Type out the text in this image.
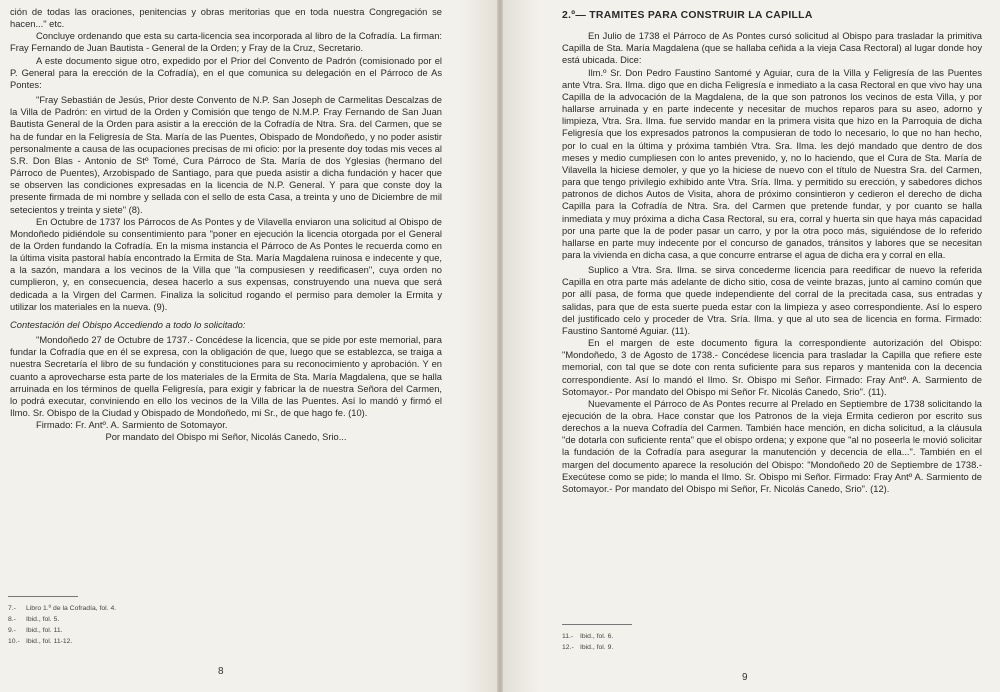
ción de todas las oraciones, penitencias y obras meritorias que en toda nuestra Congregación se hacen..." etc.

Concluye ordenando que esta su carta-licencia sea incorporada al libro de la Cofradía. La firman: Fray Fernando de Juan Bautista - General de la Orden; y Fray de la Cruz, Secretario.

A este documento sigue otro, expedido por el Prior del Convento de Padrón (comisionado por el P. General para la erección de la Cofradía), en el que comunica su delegación en el Párroco de As Pontes:

"Fray Sebastián de Jesús, Prior deste Convento de N.P. San Joseph de Carmelitas Descalzas de la Villa de Padrón: en virtud de la Orden y Comisión que tengo de N.M.P. Fray Fernando de San Juan Bautista General de la Orden para asistir a la erección de la Cofradía de Ntra. Sra. del Carmen, que se ha de fundar en la Feligresía de Sta. María de las Puentes, Obispado de Mondoñedo, y no poder asistir personalmente a causa de las ocupaciones precisas de mi oficio: por la presente doy todas mis veces al S.R. Don Blas - Antonio de Stº Tomé, Cura Párroco de Sta. María de dos Yglesias (hermano del Párroco de Puentes), Arzobispado de Santiago, para que pueda asistir a dicha fundación y hacer que se observen las condiciones expresadas en la licencia de N.P. General. Y para que conste doy la presente firmada de mi nombre y sellada con el sello de esta Casa, a treinta y uno de Diciembre de mil setecientos y treinta y siete" (8).

En Octubre de 1737 los Párrocos de As Pontes y de Vilavella enviaron una solicitud al Obispo de Mondoñedo pidiéndole su consentimiento para "poner en ejecución la licencia otorgada por el General de la Orden fundando la Cofradía. En la misma instancia el Párroco de As Pontes le recuerda como en la última visita pastoral había encontrado la Ermita de Sta. María Magdalena ruinosa e indecente y que, a la sazón, mandara a los vecinos de la Villa que "la compusiesen y reedificasen", cuya orden no cumplieron, y, en consecuencia, desea hacerlo a sus expensas, construyendo una nueva que será dedicada a la Virgen del Carmen. Finaliza la solicitud rogando el permiso para demoler la Ermita y utilizar los materiales en la nueva. (9).

Contestación del Obispo Accediendo a todo lo solicitado:

"Mondoñedo 27 de Octubre de 1737.- Concédese la licencia, que se pide por este memorial, para fundar la Cofradía que en él se expresa, con la obligación de que, luego que se establezca, se traiga a nuestra Secretaría el libro de su fundación y constituciones para su reconocimiento y aprobación. Y en cuanto a aprovecharse esta parte de los materiales de la Ermita de Sta. María Magdalena, que se halla arruinada en los términos de quella Feligresía, para exigir y fabricar la de nuestra Señora del Carmen, lo podrá executar, conviniendo en ello los vecinos de la Villa de las Puentes. Así lo mandó y firmó el Ilmo. Sr. Obispo de la Ciudad y Obispado de Mondoñedo, mi Sr., de que hago fe. (10).

Firmado: Fr. Antº. A. Sarmiento de Sotomayor.

Por mandato del Obispo mi Señor, Nicolás Canedo, Srio...

7.-	Libro 1.º de la Cofradía, fol. 4.
8.-	Ibid., fol. 5.
9.-	Ibid., fol. 11.
10.- Ibid., fol. 11-12.
8

2.º— TRAMITES PARA CONSTRUIR LA CAPILLA

En Julio de 1738 el Párroco de As Pontes cursó solicitud al Obispo para trasladar la primitiva Capilla de Sta. María Magdalena (que se hallaba ceñida a la vieja Casa Rectoral) al lugar donde hoy está ubicada. Dice:

Ilm.º Sr. Don Pedro Faustino Santomé y Aguiar, cura de la Villa y Feligresía de las Puentes ante Vtra. Sra. Ilma. digo que en dicha Feligresía e inmediato a la casa Rectoral en que vivo hay una Capilla de la advocación de la Magdalena, de la que son patronos los vecinos de esta Villa, y por hallarse arruinada y en parte indecente y necesitar de muchos reparos para su aseo, adorno y limpieza, Vtra. Sra. Ilma. fue servido mandar en la primera visita que hizo en la Parroquia de dicha Feligresía que los expresados patronos la compusieran de todo lo necesario, lo que no han hecho, por lo cual en la última y próxima también Vtra. Sra. Ilma. les dejó mandado que dentro de dos meses y medio cumpliesen con lo antes prevenido, y, no lo haciendo, que el Cura de Sta. María de Vilavella la hiciese demoler, y que yo la hiciese de nuevo con el título de Nuestra Sra. del Carmen, para que tengo privilegio exhibido ante Vtra. Sría. Ilma. y permitido su erección, y sabedores dichos patronos de dichos Autos de Visita, ahora de próximo consintieron y cedieron el derecho de dicha Capilla para la Cofradía de Ntra. Sra. del Carmen que pretende fundar, y por cuanto se halla inmediata y muy próxima a dicha Casa Rectoral, su era, corral y huerta sin que haya más capacidad por una parte que la de poder pasar un carro, y por la otra poco más, siguiéndose de lo referido hallarse en parte muy indecente por el concurso de ganados, tránsitos y labores que se necesitan para la vivienda en dicha casa, a que concurre entrarse el agua de dicha era y corral en ella.

Suplico a Vtra. Sra. Ilma. se sirva concederme licencia para reedificar de nuevo la referida Capilla en otra parte más adelante de dicho sitio, cosa de veinte brazas, junto al camino común que por allí pasa, de forma que quede independiente del corral de la precitada casa, sus entradas y salidas, para que de esta suerte pueda estar con la limpieza y aseo correspondiente. Así lo espero del justificado celo y proceder de Vtra. Sría. Ilma. y que al uto sea de licencia en forma. Firmado: Faustino Santomé Aguiar. (11).

En el margen de este documento figura la correspondiente autorización del Obispo: "Mondoñedo, 3 de Agosto de 1738.- Concédese licencia para trasladar la Capilla que refiere este memorial, con tal que se dote con renta suficiente para sus reparos y mantenida con la decencia correspondiente. Así lo mandó el Ilmo. Sr. Obispo mi Señor. Firmado: Fray Antº. A. Sarmiento de Sotomayor.- Por mandato del Obispo mi Señor Fr. Nicolás Canedo, Srio". (11).

Nuevamente el Párroco de As Pontes recurre al Prelado en Septiembre de 1738 solicitando la ejecución de la obra. Hace constar que los Patronos de la vieja Ermita cedieron por escrito sus derechos a la nueva Cofradía del Carmen. También hace mención, en dicha solicitud, a la cláusula "de dotarla con suficiente renta" que el obispo ordena; y expone que "al no poseerla le movió solicitar la fundación de la Cofradía para asegurar la manutención y decencia de ella...". También en el margen del documento aparece la resolución del Obispo: "Mondoñedo 20 de Septiembre de 1738.- Execútese como se pide; lo manda el Ilmo. Sr. Obispo mi Señor. Firmado: Fray Antº A. Sarmiento de Sotomayor.- Por mandato del Obispo mi Señor, Fr. Nicolás Canedo, Srio". (12).

11.- Ibid., fol. 6.
12.- Ibid., fol. 9.
9
